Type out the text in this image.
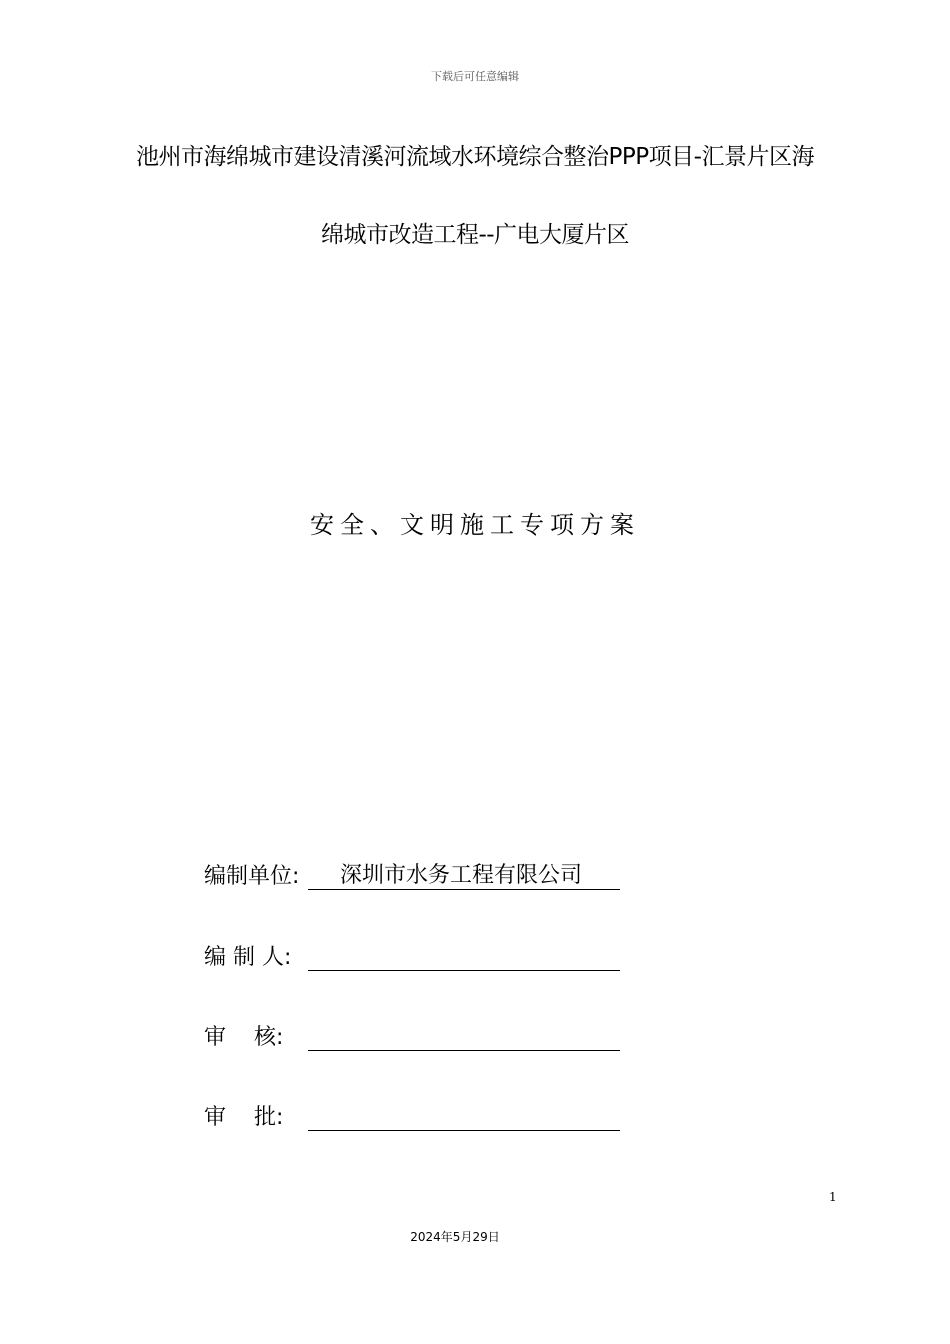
下载后可任意编辑
池州市海绵城市建设清溪河流域水环境综合整治PPP项目-汇景片区海
绵城市改造工程--广电大厦片区
安全、文明施工专项方案
编制单位:	深圳市水务工程有限公司
编 制 人:
审    核:
审    批:
1
2024年5月29日
